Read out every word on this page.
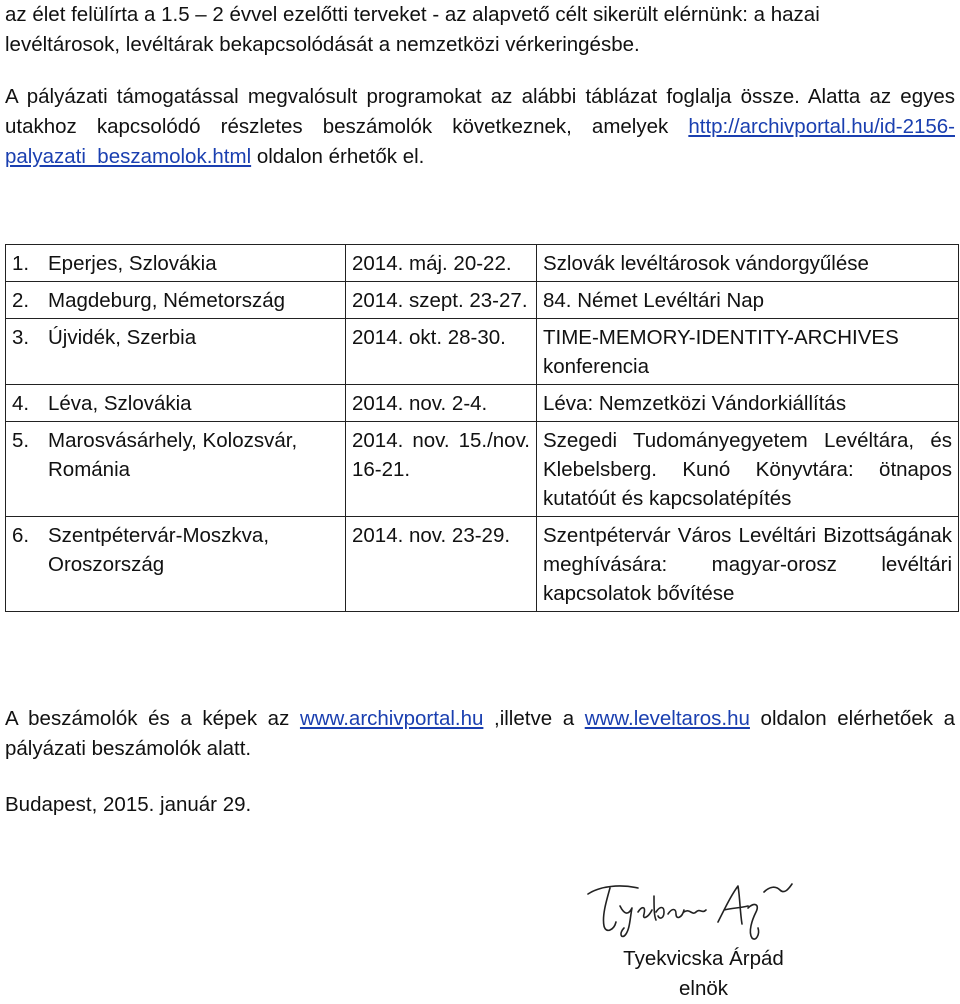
az élet felülírta a 1.5 – 2 évvel ezelőtti terveket - az alapvető célt sikerült elérnünk: a hazai

levéltárosok, levéltárak bekapcsolódását a nemzetközi vérkeringésbe.

A pályázati támogatással megvalósult programokat az alábbi táblázat foglalja össze. Alatta az egyes utakhoz kapcsolódó részletes beszámolók következnek, amelyek http://archivportal.hu/id-2156-palyazati_beszamolok.html oldalon érhetők el.

1. Eperjes, Szlovákia	2014. máj. 20-22.	Szlovák levéltárosok vándorgyűlése

2. Magdeburg, Németország	2014. szept. 23-27.	84. Német Levéltári Nap

3. Újvidék, Szerbia	2014. okt. 28-30.	TIME-MEMORY-IDENTITY-ARCHIVES konferencia

4. Léva, Szlovákia	2014. nov. 2-4.	Léva: Nemzetközi Vándorkiállítás

5. Marosvásárhely, Kolozsvár, Románia	2014. nov. 15./nov. 16-21.	Szegedi Tudományegyetem Levéltára, és Klebelsberg. Kunó Könyvtára: ötnapos kutatóút és kapcsolatépítés

6. Szentpétervár-Moszkva, Oroszország	2014. nov. 23-29.	Szentpétervár Város Levéltári Bizottságának meghívására: magyar-orosz levéltári kapcsolatok bővítése

A beszámolók és a képek az www.archivportal.hu ,illetve a www.leveltaros.hu oldalon elérhetőek a pályázati beszámolók alatt.

Budapest, 2015. január 29.

Tyekvicska Árpád
elnök
